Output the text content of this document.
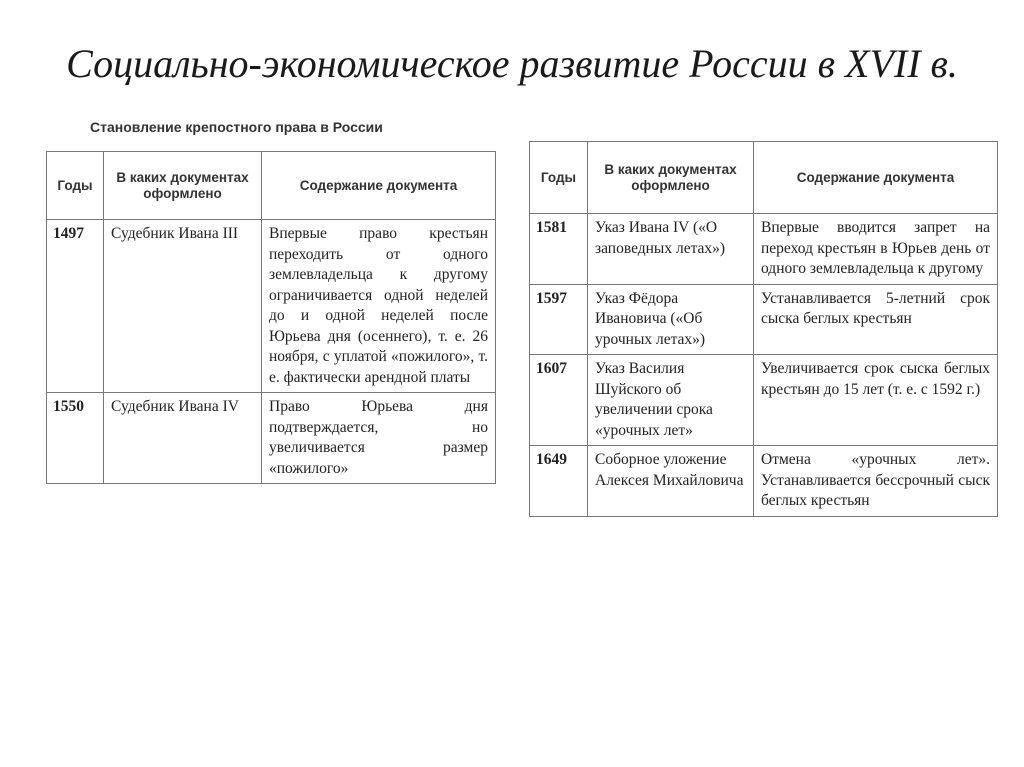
Социально-экономическое развитие России в XVII в.
Становление крепостного права в России
Годы	В каких документах оформлено	Содержание документа
1497	Судебник Ивана III	Впервые право крестьян переходить от одного землевладельца к другому ограничивается одной неделей до и одной неделей после Юрьева дня (осеннего), т. е. 26 ноября, с уплатой «пожилого», т. е. фактически арендной платы
1550	Судебник Ивана IV	Право Юрьева дня подтверждается, но увеличивается размер «пожилого»
Годы	В каких документах оформлено	Содержание документа
1581	Указ Ивана IV («О заповедных летах»)	Впервые вводится запрет на переход крестьян в Юрьев день от одного землевладельца к другому
1597	Указ Фёдора Ивановича («Об урочных летах»)	Устанавливается 5-летний срок сыска беглых крестьян
1607	Указ Василия Шуйского об увеличении срока «урочных лет»	Увеличивается срок сыска беглых крестьян до 15 лет (т. е. с 1592 г.)
1649	Соборное уложение Алексея Михайловича	Отмена «урочных лет». Устанавливается бессрочный сыск беглых крестьян
